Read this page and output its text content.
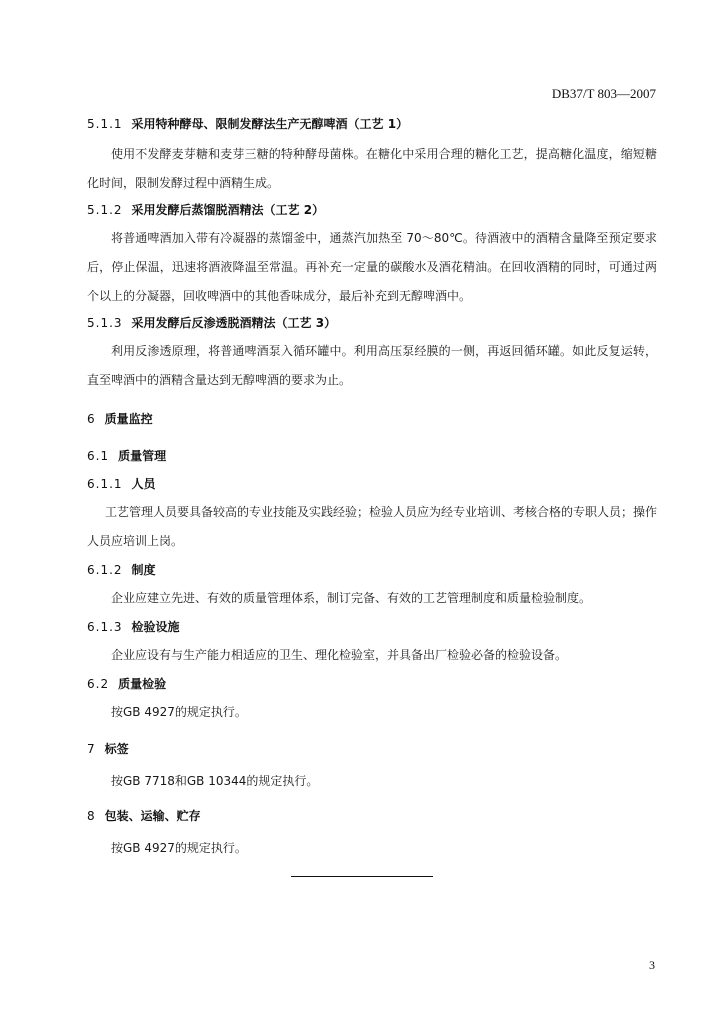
DB37/T 803—2007
5.1.1 采用特种酵母、限制发酵法生产无醇啤酒（工艺 1）

使用不发酵麦芽糖和麦芽三糖的特种酵母菌株。在糖化中采用合理的糖化工艺，提高糖化温度，缩短糖化时间，限制发酵过程中酒精生成。

5.1.2 采用发酵后蒸馏脱酒精法（工艺 2）

将普通啤酒加入带有冷凝器的蒸馏釜中，通蒸汽加热至 70～80℃。待酒液中的酒精含量降至预定要求后，停止保温，迅速将酒液降温至常温。再补充一定量的碳酸水及酒花精油。在回收酒精的同时，可通过两个以上的分凝器，回收啤酒中的其他香味成分，最后补充到无醇啤酒中。

5.1.3 采用发酵后反渗透脱酒精法（工艺 3）

利用反渗透原理，将普通啤酒泵入循环罐中。利用高压泵经膜的一侧，再返回循环罐。如此反复运转，直至啤酒中的酒精含量达到无醇啤酒的要求为止。

6 质量监控
6.1 质量管理
6.1.1 人员

工艺管理人员要具备较高的专业技能及实践经验；检验人员应为经专业培训、考核合格的专职人员；操作人员应培训上岗。

6.1.2 制度

企业应建立先进、有效的质量管理体系，制订完备、有效的工艺管理制度和质量检验制度。

6.1.3 检验设施

企业应设有与生产能力相适应的卫生、理化检验室，并具备出厂检验必备的检验设备。

6.2 质量检验

按GB 4927的规定执行。

7 标签

按GB 7718和GB 10344的规定执行。

8 包装、运输、贮存

按GB 4927的规定执行。

3
